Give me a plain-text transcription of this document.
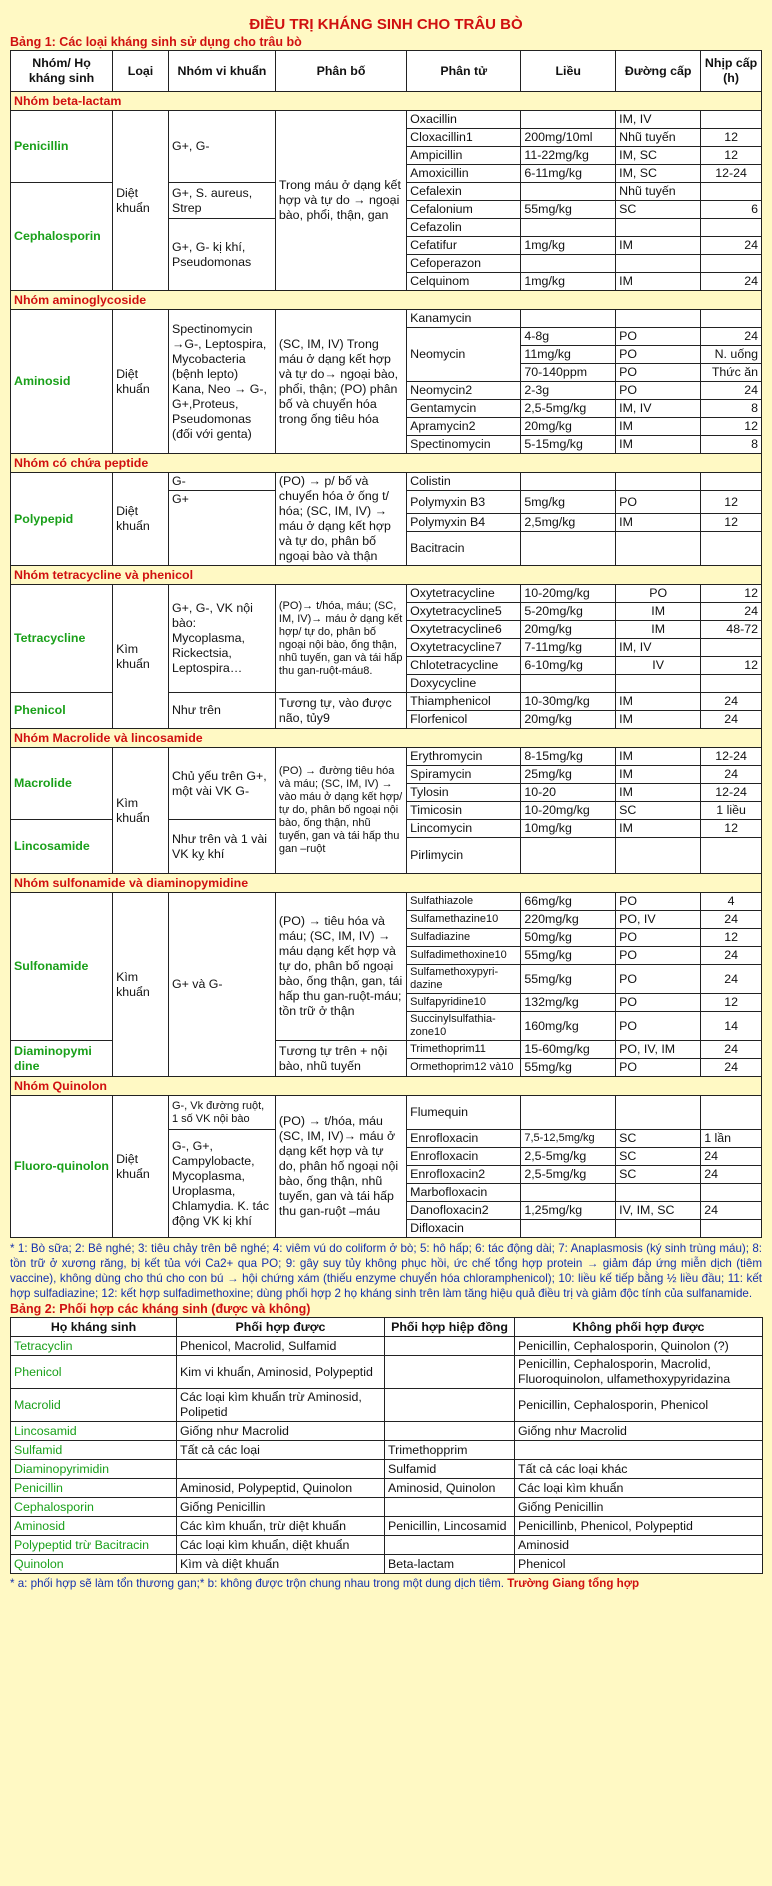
ĐIỀU TRỊ KHÁNG SINH CHO TRÂU BÒ
Bảng 1: Các loại kháng sinh sử dụng cho trâu bò
Nhóm/ Họ kháng sinh	Loại	Nhóm vi khuẩn	Phân bố	Phân tử	Liều	Đường cấp	Nhịp cấp (h)
Nhóm beta-lactam							
Penicillin	Diệt khuẩn	G+, G-	Trong máu ở dạng kết hợp và tự do → ngoại bào, phổi, thận, gan	Oxacillin		IM, IV	
				Cloxacillin1	200mg/10ml	Nhũ tuyến	12
				Ampicillin	11-22mg/kg	IM, SC	12
				Amoxicillin	6-11mg/kg	IM, SC	12-24
Cephalosporin		G+, S. aureus, Strep		Cefalexin		Nhũ tuyến	
				Cefalonium	55mg/kg	SC	6
		G+, G- kị khí, Pseudomonas		Cefazolin			
				Cefatifur	1mg/kg	IM	24
				Cefoperazon			
				Celquinom	1mg/kg	IM	24
Nhóm aminoglycoside							
Aminosid	Diệt khuẩn	Spectinomycin →G-, Leptospira, Mycobacteria (bệnh lepto) Kana, Neo → G-, G+,Proteus, Pseudomonas (đối với genta)	(SC, IM, IV) Trong máu ở dạng kết hợp và tự do→ ngoại bào, phổi, thận; (PO) phân bố và chuyển hóa trong ống tiêu hóa	Kanamycin			
				Neomycin	4-8g	PO	24
					11mg/kg	PO	N. uống
					70-140ppm	PO	Thức ăn
				Neomycin2	2-3g	PO	24
				Gentamycin	2,5-5mg/kg	IM, IV	8
				Apramycin2	20mg/kg	IM	12
				Spectinomycin	5-15mg/kg	IM	8
Nhóm có chứa peptide							
Polypepid	Diệt khuẩn	G-	(PO) → p/ bố và chuyển hóa ở ống t/ hóa; (SC, IM, IV) → máu ở dạng kết hợp và tự do, phân bố ngoại bào và thận	Colistin			
		G+		Polymyxin B3	5mg/kg	PO	12
				Polymyxin B4	2,5mg/kg	IM	12
				Bacitracin			
Nhóm tetracycline và phenicol							
Tetracycline	Kìm khuẩn	G+, G-, VK nội bào: Mycoplasma, Rickectsia, Leptospira…	(PO)→ t/hóa, máu; (SC, IM, IV)→ máu ở dạng kết hợp/ tự do, phân bố ngoại nội bào, ống thận, nhũ tuyến, gan và tái hấp thu gan-ruột-máu8.	Oxytetracycline	10-20mg/kg	PO	12
				Oxytetracycline5	5-20mg/kg	IM	24
				Oxytetracycline6	20mg/kg	IM	48-72
				Oxytetracycline7	7-11mg/kg	IM, IV	
				Chlotetracycline	6-10mg/kg	IV	12
				Doxycycline			
Phenicol		Như trên	Tương tự, vào được não, tủy9	Thiamphenicol	10-30mg/kg	IM	24
				Florfenicol	20mg/kg	IM	24
Nhóm Macrolide và lincosamide							
Macrolide	Kìm khuẩn	Chủ yếu trên G+, một vài VK G-	(PO) → đường tiêu hóa và máu; (SC, IM, IV) → vào máu ở dạng kết hợp/ tự do, phân bố ngoại nội bào, ống thận, nhũ tuyến, gan và tái hấp thu gan –ruột	Erythromycin	8-15mg/kg	IM	12-24
				Spiramycin	25mg/kg	IM	24
				Tylosin	10-20	IM	12-24
				Timicosin	10-20mg/kg	SC	1 liều
Lincosamide		Như trên và 1 vài VK kỵ khí		Lincomycin	10mg/kg	IM	12
				Pirlimycin			
Nhóm sulfonamide và diaminopymidine							
Sulfonamide	Kìm khuẩn	G+ và G-	(PO) → tiêu hóa và máu; (SC, IM, IV) → máu dạng kết hợp và tự do, phân bố ngoại bào, ống thận, gan, tái hấp thu gan-ruột-máu; tồn trữ ở thận	Sulfathiazole	66mg/kg	PO	4
				Sulfamethazine10	220mg/kg	PO, IV	24
				Sulfadiazine	50mg/kg	PO	12
				Sulfadimethoxine10	55mg/kg	PO	24
				Sulfamethoxypyri-dazine	55mg/kg	PO	24
				Sulfapyridine10	132mg/kg	PO	12
				Succinylsulfathia-zone10	160mg/kg	PO	14
Diaminopymi dine			Tương tự trên + nội bào, nhũ tuyến	Trimethoprim11	15-60mg/kg	PO, IV, IM	24
				Ormethoprim12 và10	55mg/kg	PO	24
Nhóm Quinolon							
Fluoro-quinolon	Diệt khuẩn	G-, Vk đường ruột, 1 số VK nội bào	(PO) → t/hóa, máu (SC, IM, IV)→ máu ở dạng kết hợp và tự do, phân hố ngoại nội bào, ống thận, nhũ tuyến, gan và tái hấp thu gan-ruột –máu	Flumequin			
		G-, G+, Campylobacte, Mycoplasma, Uroplasma, Chlamydia. K. tác động VK kị khí		Enrofloxacin	7,5-12,5mg/kg	SC	1 lần
				Enrofloxacin	2,5-5mg/kg	SC	24
				Enrofloxacin2	2,5-5mg/kg	SC	24
				Marbofloxacin			
				Danofloxacin2	1,25mg/kg	IV, IM, SC	24
				Difloxacin			
* 1: Bò sữa; 2: Bê nghé; 3: tiêu chảy trên bê nghé; 4: viêm vú do coliform ở bò; 5: hô hấp; 6: tác động dài; 7: Anaplasmosis (ký sinh trùng máu); 8: tồn trữ ở xương răng, bị kết tủa với Ca2+ qua PO; 9: gây suy tủy không phục hồi, ức chế tổng hợp protein → giảm đáp ứng miễn dịch (tiêm vaccine), không dùng cho thú cho con bú → hội chứng xám (thiếu enzyme chuyển hóa chloramphenicol); 10: liều kế tiếp bằng ½ liều đầu; 11: kết hợp sulfadiazine; 12: kết hợp sulfadimethoxine; dùng phối hợp 2 họ kháng sinh trên làm tăng hiệu quả điều trị và giảm độc tính của sulfanamide.
Bảng 2: Phối hợp các kháng sinh (được và không)
Họ kháng sinh	Phối hợp được	Phối hợp hiệp đồng	Không phối hợp được
Tetracyclin	Phenicol, Macrolid, Sulfamid		Penicillin, Cephalosporin, Quinolon (?)
Phenicol	Kim vi khuẩn, Aminosid, Polypeptid		Penicillin, Cephalosporin, Macrolid, Fluoroquinolon, ulfamethoxypyridazina
Macrolid	Các loại kìm khuẩn trừ Aminosid, Polipetid		Penicillin, Cephalosporin, Phenicol
Lincosamid	Giống như Macrolid		Giống như Macrolid
Sulfamid	Tất cả các loại	Trimethopprim	
Diaminopyrimidin		Sulfamid	Tất cả các loại khác
Penicillin	Aminosid, Polypeptid, Quinolon	Aminosid, Quinolon	Các loại kìm khuẩn
Cephalosporin	Giống Penicillin		Giống Penicillin
Aminosid	Các kìm khuẩn, trừ diệt khuẩn	Penicillin, Lincosamid	Penicillinb, Phenicol, Polypeptid
Polypeptid trừ Bacitracin	Các loại kìm khuẩn, diệt khuẩn		Aminosid
Quinolon	Kìm và diệt khuẩn	Beta-lactam	Phenicol
* a: phối hợp sẽ làm tổn thương gan;* b: không được trộn chung nhau trong một dung dịch tiêm. Trường Giang tổng hợp
